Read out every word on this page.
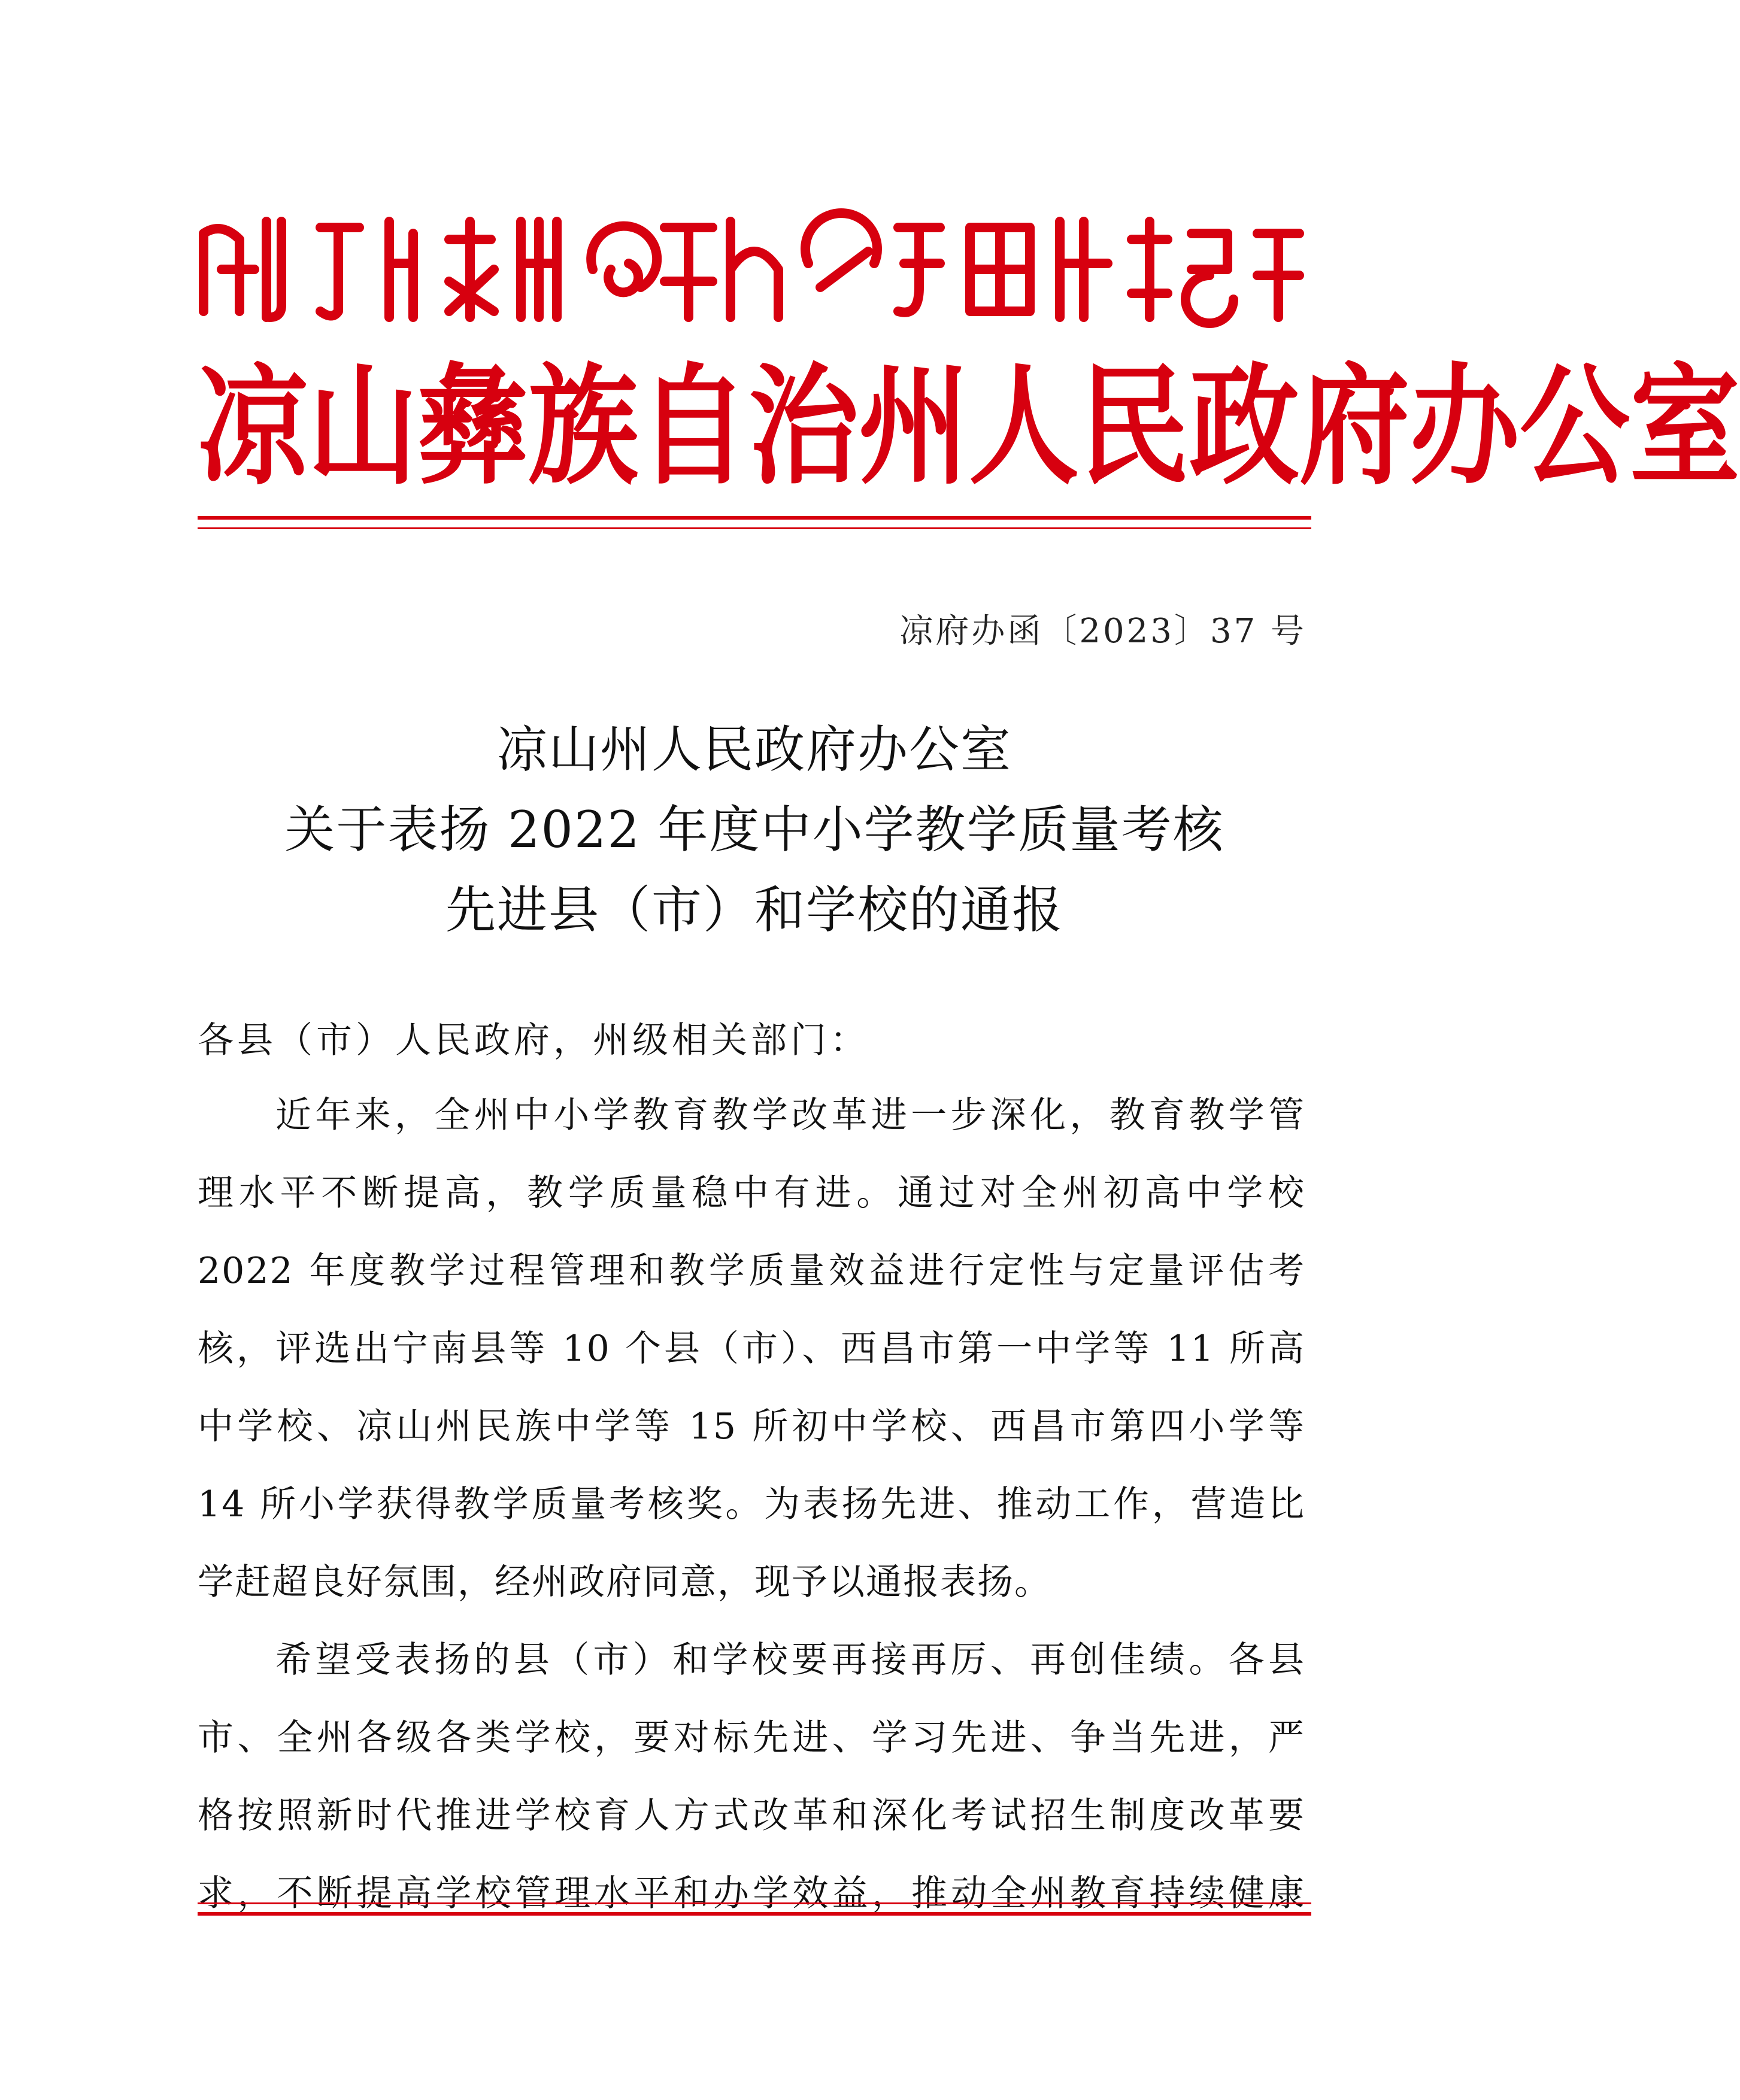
凉山彝族自治州人民政府办公室
凉府办函〔2023〕37 号
凉山州人民政府办公室
关于表扬 2022 年度中小学教学质量考核
先进县（市）和学校的通报
各县（市）人民政府，州级相关部门：
近年来，全州中小学教育教学改革进一步深化，教育教学管
理水平不断提高，教学质量稳中有进。通过对全州初高中学校
2022 年度教学过程管理和教学质量效益进行定性与定量评估考
核，评选出宁南县等 10 个县（市）、西昌市第一中学等 11 所高
中学校、凉山州民族中学等 15 所初中学校、西昌市第四小学等
14 所小学获得教学质量考核奖。为表扬先进、推动工作，营造比
学赶超良好氛围，经州政府同意，现予以通报表扬。
希望受表扬的县（市）和学校要再接再厉、再创佳绩。各县
市、全州各级各类学校，要对标先进、学习先进、争当先进，严
格按照新时代推进学校育人方式改革和深化考试招生制度改革要
求，不断提高学校管理水平和办学效益，推动全州教育持续健康
